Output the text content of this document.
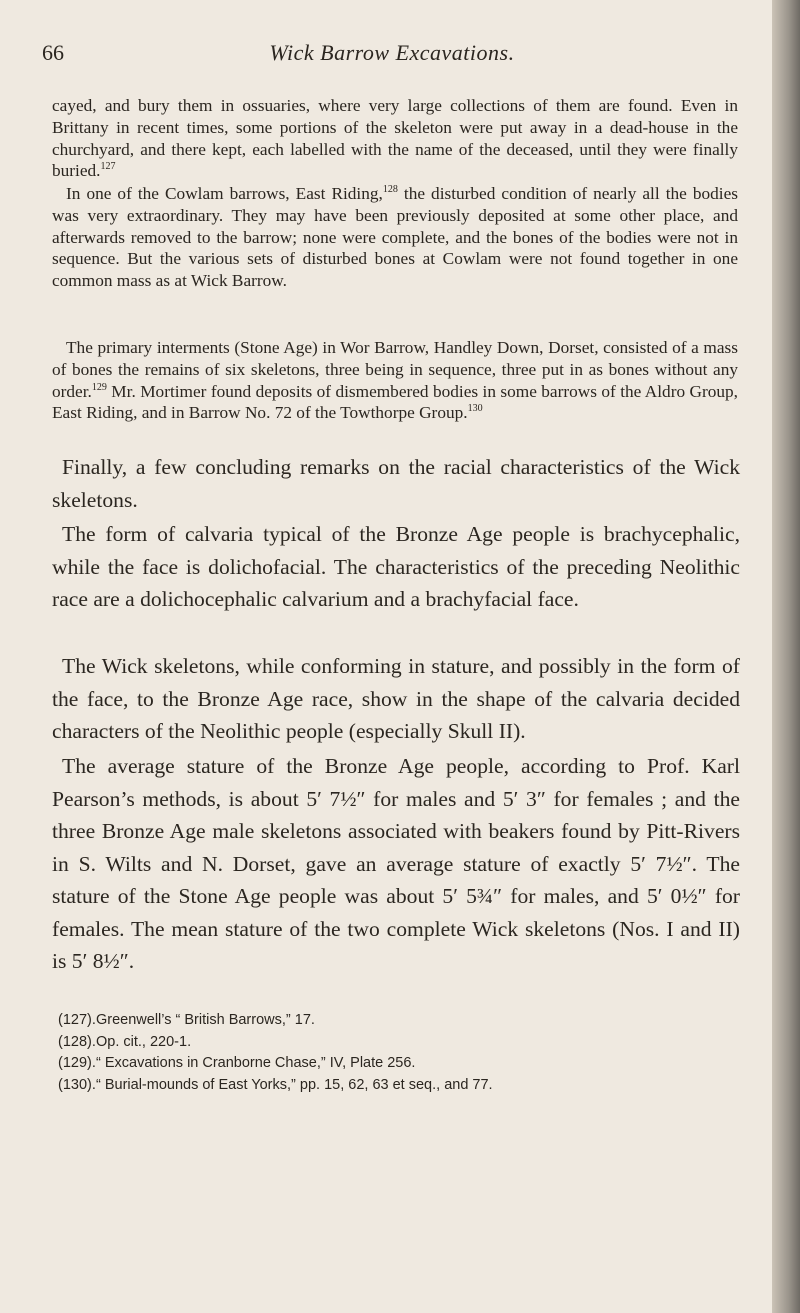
66	Wick Barrow Excavations.

cayed, and bury them in ossuaries, where very large collections of them are found. Even in Brittany in recent times, some portions of the skeleton were put away in a dead-house in the churchyard, and there kept, each labelled with the name of the deceased, until they were finally buried.$^{127}$

In one of the Cowlam barrows, East Riding,$^{128}$ the disturbed condition of nearly all the bodies was very extraordinary. They may have been previously deposited at some other place, and afterwards removed to the barrow; none were complete, and the bones of the bodies were not in sequence. But the various sets of disturbed bones at Cowlam were not found together in one common mass as at Wick Barrow.

The primary interments (Stone Age) in Wor Barrow, Handley Down, Dorset, consisted of a mass of bones the remains of six skeletons, three being in sequence, three put in as bones without any order.$^{129}$ Mr. Mortimer found deposits of dismembered bodies in some barrows of the Aldro Group, East Riding, and in Barrow No. 72 of the Towthorpe Group.$^{130}$

Finally, a few concluding remarks on the racial characteristics of the Wick skeletons.

The form of calvaria typical of the Bronze Age people is brachycephalic, while the face is dolichofacial. The characteristics of the preceding Neolithic race are a dolichocephalic calvarium and a brachyfacial face.

The Wick skeletons, while conforming in stature, and possibly in the form of the face, to the Bronze Age race, show in the shape of the calvaria decided characters of the Neolithic people (especially Skull II).

(127).Greenwell’s “ British Barrows,” 17.
(128).Op. cit., 220-1.
(129).“ Excavations in Cranborne Chase,” IV, Plate 256.
(130).“ Burial-mounds of East Yorks,” pp. 15, 62, 63 et seq., and 77.

The average stature of the Bronze Age people, according to Prof. Karl Pearson’s methods, is about 5′ 7½″ for males and 5′ 3″ for females ; and the three Bronze Age male skeletons associated with beakers found by Pitt-Rivers in S. Wilts and N. Dorset, gave an average stature of exactly 5′ 7½″. The stature of the Stone Age people was about 5′ 5¾″ for males, and 5′ 0½″ for females. The mean stature of the two complete Wick skeletons (Nos. I and II) is 5′ 8½″.
